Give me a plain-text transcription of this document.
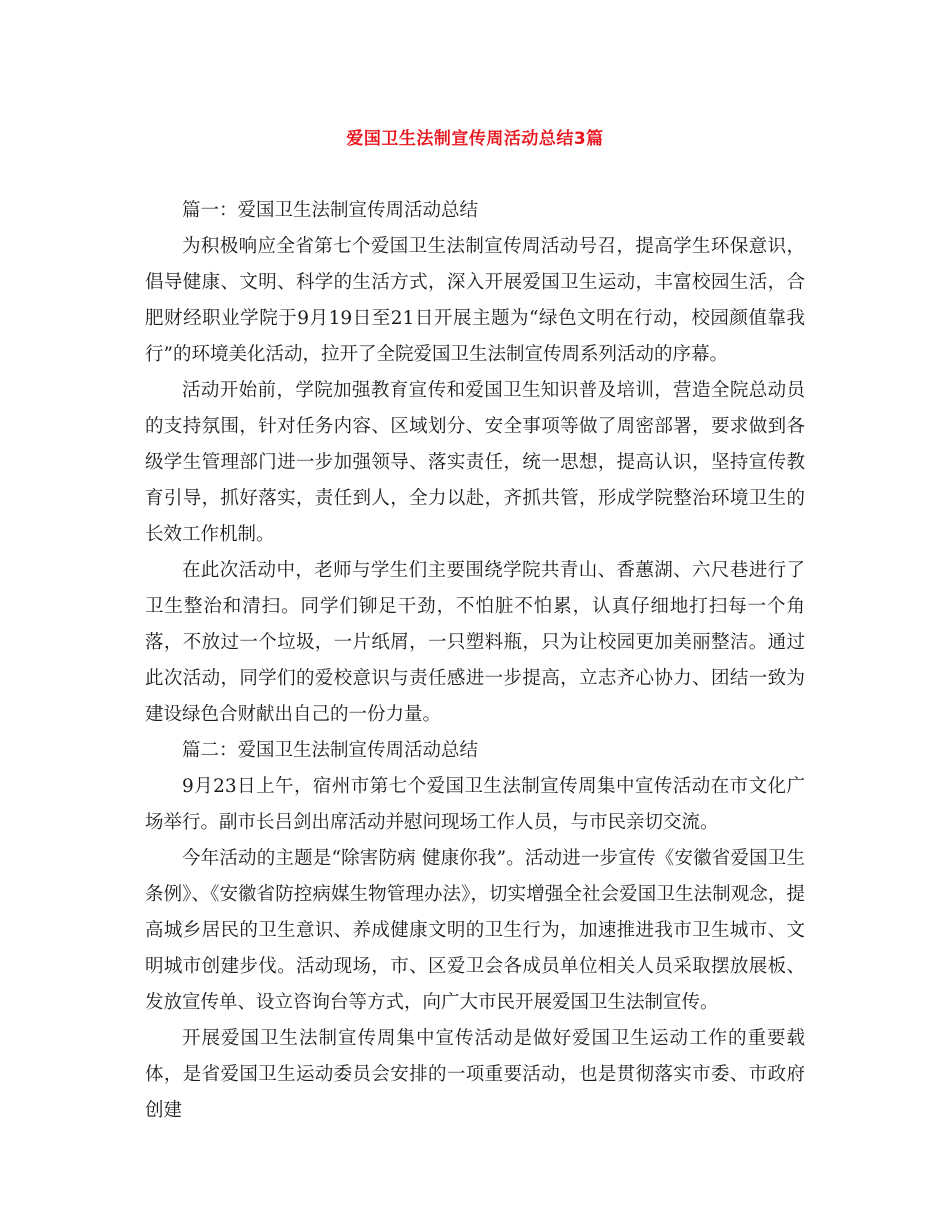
爱国卫生法制宣传周活动总结3篇

篇一：爱国卫生法制宣传周活动总结

为积极响应全省第七个爱国卫生法制宣传周活动号召，提高学生环保意识，倡导健康、文明、科学的生活方式，深入开展爱国卫生运动，丰富校园生活，合肥财经职业学院于9月19日至21日开展主题为“绿色文明在行动，校园颜值靠我行”的环境美化活动，拉开了全院爱国卫生法制宣传周系列活动的序幕。

活动开始前，学院加强教育宣传和爱国卫生知识普及培训，营造全院总动员的支持氛围，针对任务内容、区域划分、安全事项等做了周密部署，要求做到各级学生管理部门进一步加强领导、落实责任，统一思想，提高认识，坚持宣传教育引导，抓好落实，责任到人，全力以赴，齐抓共管，形成学院整治环境卫生的长效工作机制。

在此次活动中，老师与学生们主要围绕学院共青山、香蕙湖、六尺巷进行了卫生整治和清扫。同学们铆足干劲，不怕脏不怕累，认真仔细地打扫每一个角落，不放过一个垃圾，一片纸屑，一只塑料瓶，只为让校园更加美丽整洁。通过此次活动，同学们的爱校意识与责任感进一步提高，立志齐心协力、团结一致为建设绿色合财献出自己的一份力量。

篇二：爱国卫生法制宣传周活动总结

9月23日上午，宿州市第七个爱国卫生法制宣传周集中宣传活动在市文化广场举行。副市长吕剑出席活动并慰问现场工作人员，与市民亲切交流。

今年活动的主题是“除害防病 健康你我”。活动进一步宣传《安徽省爱国卫生条例》、《安徽省防控病媒生物管理办法》，切实增强全社会爱国卫生法制观念，提高城乡居民的卫生意识、养成健康文明的卫生行为，加速推进我市卫生城市、文明城市创建步伐。活动现场，市、区爱卫会各成员单位相关人员采取摆放展板、发放宣传单、设立咨询台等方式，向广大市民开展爱国卫生法制宣传。

开展爱国卫生法制宣传周集中宣传活动是做好爱国卫生运动工作的重要载体，是省爱国卫生运动委员会安排的一项重要活动，也是贯彻落实市委、市政府创建
